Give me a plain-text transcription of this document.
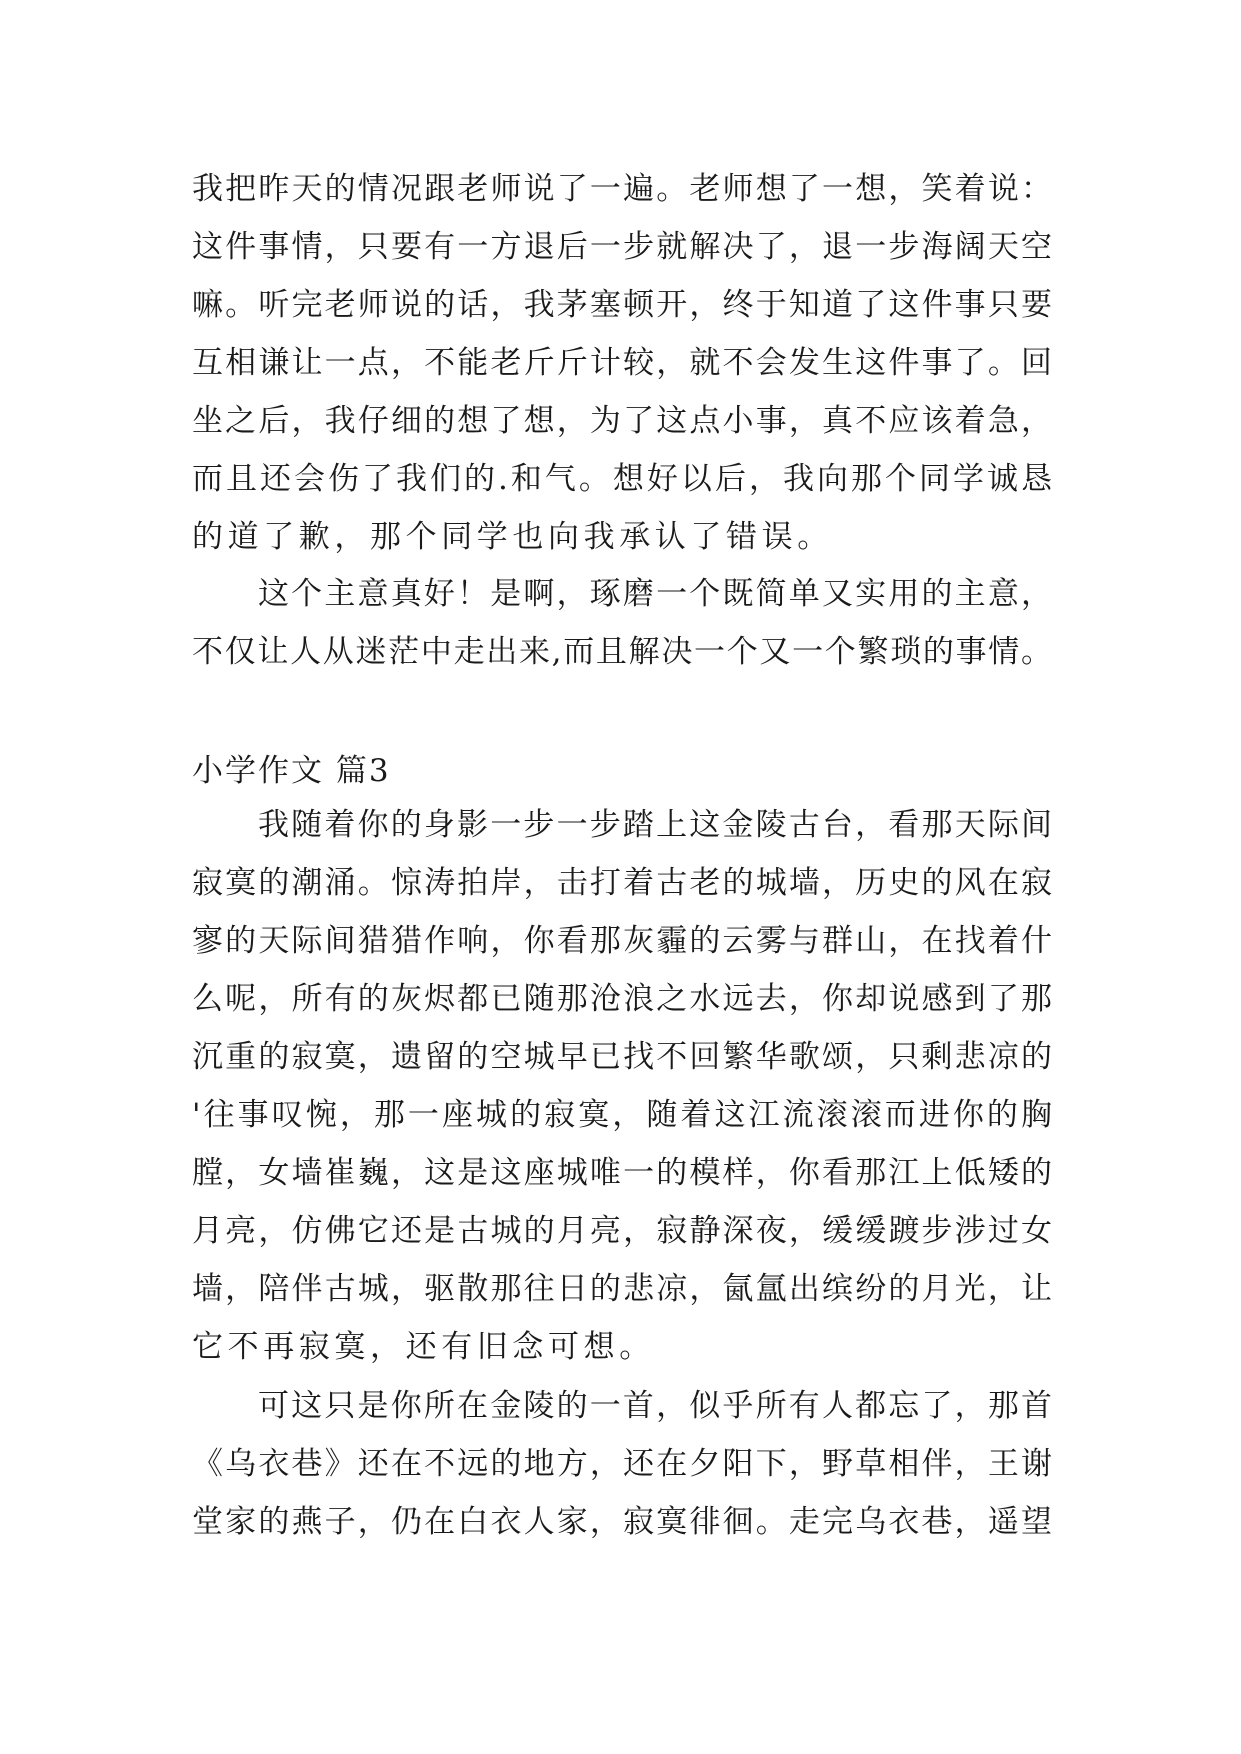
我把昨天的情况跟老师说了一遍。老师想了一想，笑着说：
这件事情，只要有一方退后一步就解决了，退一步海阔天空
嘛。听完老师说的话，我茅塞顿开，终于知道了这件事只要
互相谦让一点，不能老斤斤计较，就不会发生这件事了。回
坐之后，我仔细的想了想，为了这点小事，真不应该着急，
而且还会伤了我们的.和气。想好以后，我向那个同学诚恳
的道了歉，那个同学也向我承认了错误。
这个主意真好！是啊，琢磨一个既简单又实用的主意，
不仅让人从迷茫中走出来,而且解决一个又一个繁琐的事情。
小学作文 篇3
我随着你的身影一步一步踏上这金陵古台，看那天际间
寂寞的潮涌。惊涛拍岸，击打着古老的城墙，历史的风在寂
寥的天际间猎猎作响，你看那灰霾的云雾与群山，在找着什
么呢，所有的灰烬都已随那沧浪之水远去，你却说感到了那
沉重的寂寞，遗留的空城早已找不回繁华歌颂，只剩悲凉的
'往事叹惋，那一座城的寂寞，随着这江流滚滚而进你的胸
膛，女墙崔巍，这是这座城唯一的模样，你看那江上低矮的
月亮，仿佛它还是古城的月亮，寂静深夜，缓缓踱步涉过女
墙，陪伴古城，驱散那往日的悲凉，氤氲出缤纷的月光，让
它不再寂寞，还有旧念可想。
可这只是你所在金陵的一首，似乎所有人都忘了，那首
《乌衣巷》还在不远的地方，还在夕阳下，野草相伴，王谢
堂家的燕子，仍在白衣人家，寂寞徘徊。走完乌衣巷，遥望
